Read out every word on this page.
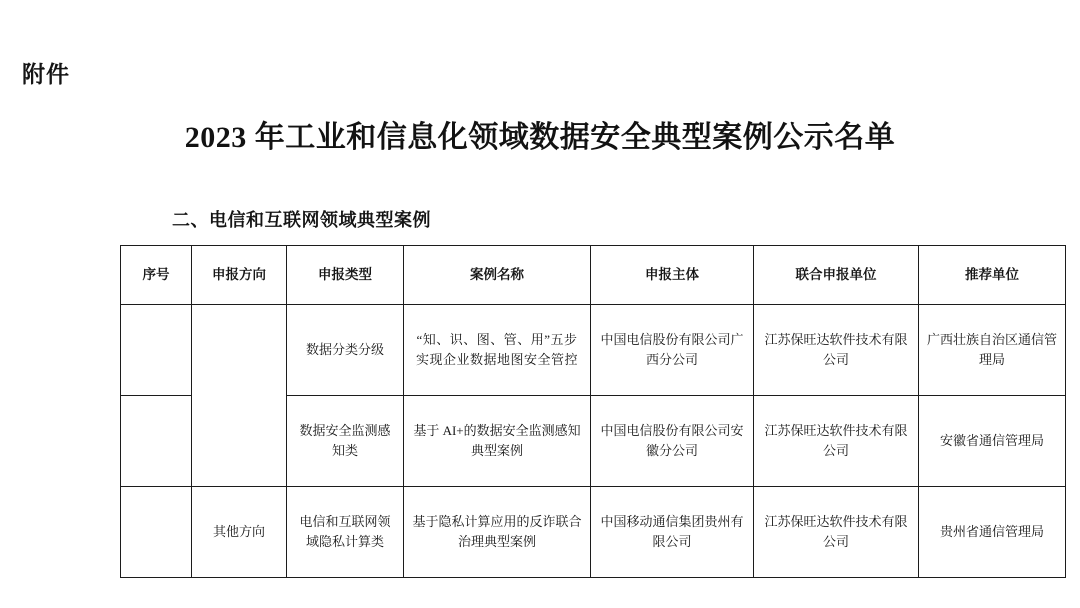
附件
2023 年工业和信息化领域数据安全典型案例公示名单
二、电信和互联网领域典型案例
序号	申报方向	申报类型	案例名称	申报主体	联合申报单位	推荐单位
		数据分类分级	“知、识、图、管、用”五步实现企业数据地图安全管控	中国电信股份有限公司广西分公司	江苏保旺达软件技术有限公司	广西壮族自治区通信管理局
		数据安全监测感知类	基于 AI+的数据安全监测感知典型案例	中国电信股份有限公司安徽分公司	江苏保旺达软件技术有限公司	安徽省通信管理局
	其他方向	电信和互联网领域隐私计算类	基于隐私计算应用的反诈联合治理典型案例	中国移动通信集团贵州有限公司	江苏保旺达软件技术有限公司	贵州省通信管理局
